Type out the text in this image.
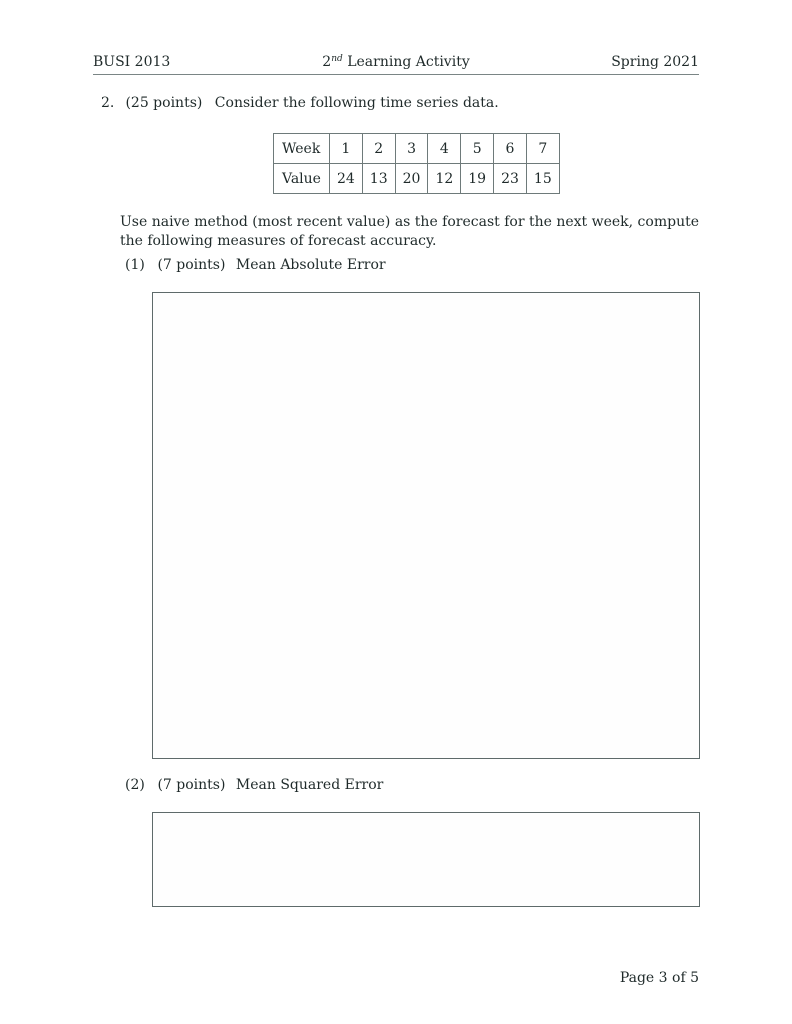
BUSI 2013	2nd Learning Activity	Spring 2021
2. (25 points) Consider the following time series data.
Week	1	2	3	4	5	6	7
Value	24	13	20	12	19	23	15
Use naive method (most recent value) as the forecast for the next week, compute the following measures of forecast accuracy.
(1) (7 points) Mean Absolute Error
(2) (7 points) Mean Squared Error
Page 3 of 5
